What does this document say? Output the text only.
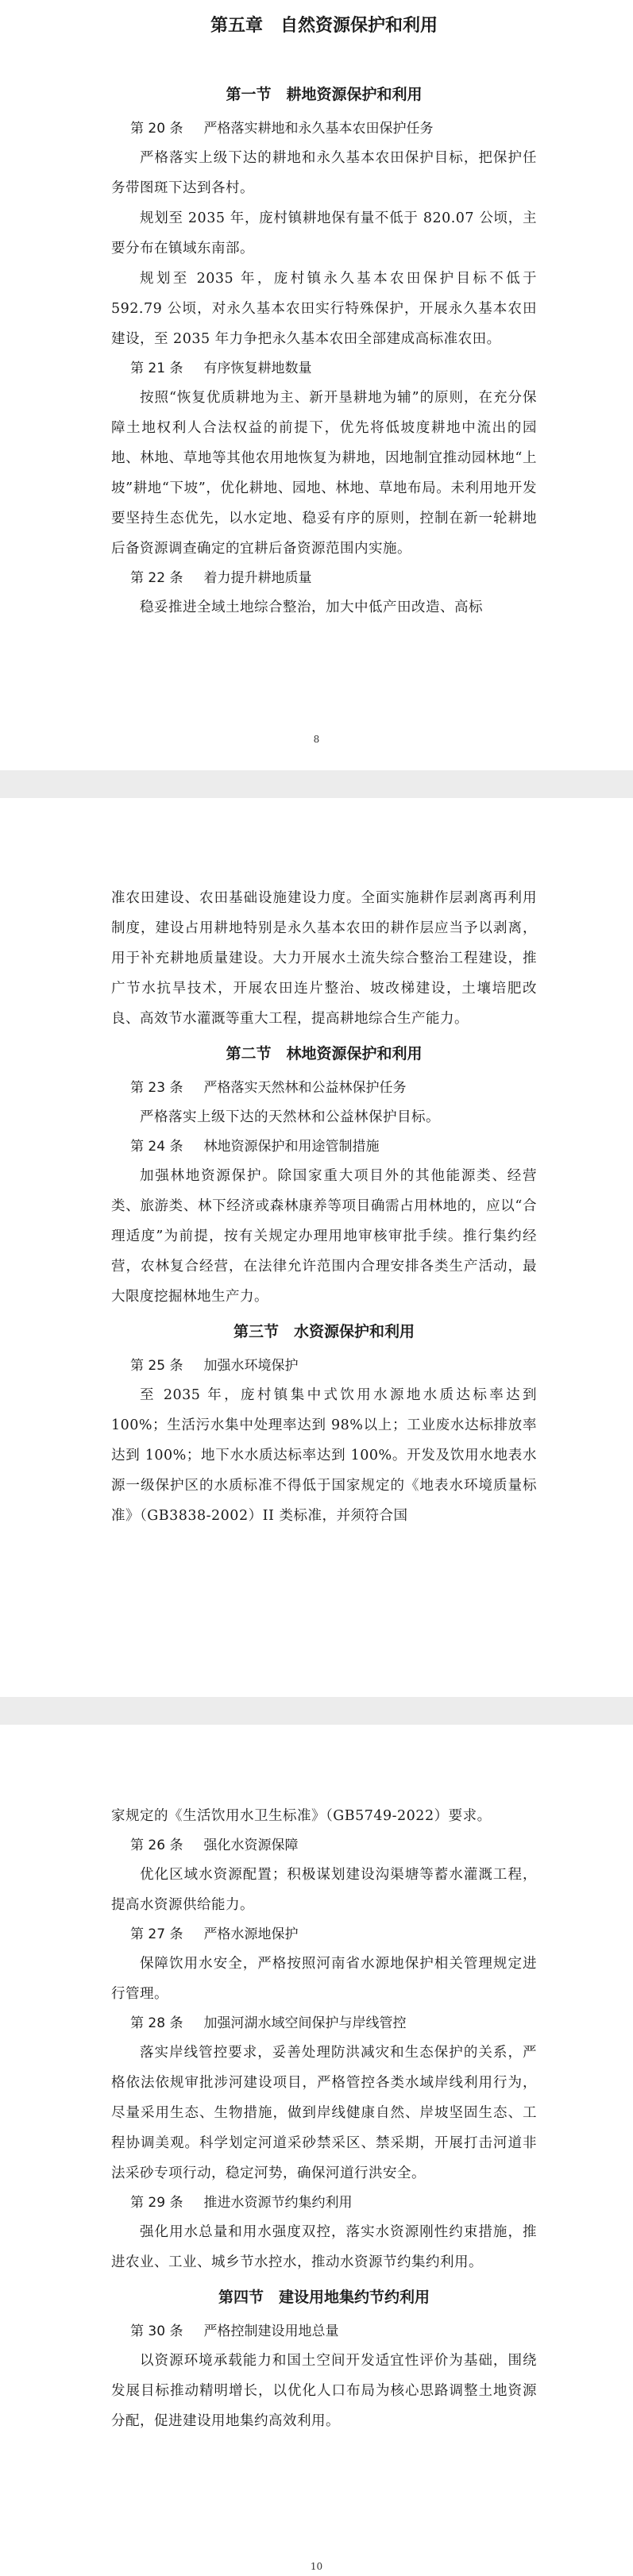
第五章　自然资源保护和利用
第一节　耕地资源保护和利用
第 20 条 严格落实耕地和永久基本农田保护任务

严格落实上级下达的耕地和永久基本农田保护目标，把保护任务带图斑下达到各村。

规划至 2035 年，庞村镇耕地保有量不低于 820.07 公顷，主要分布在镇域东南部。

规划至 2035 年，庞村镇永久基本农田保护目标不低于 592.79 公顷，对永久基本农田实行特殊保护，开展永久基本农田建设，至 2035 年力争把永久基本农田全部建成高标准农田。

第 21 条 有序恢复耕地数量

按照“恢复优质耕地为主、新开垦耕地为辅”的原则，在充分保障土地权利人合法权益的前提下，优先将低坡度耕地中流出的园地、林地、草地等其他农用地恢复为耕地，因地制宜推动园林地“上坡”耕地“下坡”，优化耕地、园地、林地、草地布局。未利用地开发要坚持生态优先，以水定地、稳妥有序的原则，控制在新一轮耕地后备资源调查确定的宜耕后备资源范围内实施。

第 22 条 着力提升耕地质量

稳妥推进全域土地综合整治，加大中低产田改造、高标

8

准农田建设、农田基础设施建设力度。全面实施耕作层剥离再利用制度，建设占用耕地特别是永久基本农田的耕作层应当予以剥离，用于补充耕地质量建设。大力开展水土流失综合整治工程建设，推广节水抗旱技术，开展农田连片整治、坡改梯建设，土壤培肥改良、高效节水灌溉等重大工程，提高耕地综合生产能力。

第二节　林地资源保护和利用
第 23 条 严格落实天然林和公益林保护任务

严格落实上级下达的天然林和公益林保护目标。

第 24 条 林地资源保护和用途管制措施

加强林地资源保护。除国家重大项目外的其他能源类、经营类、旅游类、林下经济或森林康养等项目确需占用林地的，应以“合理适度”为前提，按有关规定办理用地审核审批手续。推行集约经营，农林复合经营，在法律允许范围内合理安排各类生产活动，最大限度挖掘林地生产力。

第三节　水资源保护和利用
第 25 条 加强水环境保护

至 2035 年，庞村镇集中式饮用水源地水质达标率达到 100%；生活污水集中处理率达到 98%以上；工业废水达标排放率达到 100%；地下水水质达标率达到 100%。开发及饮用水地表水源一级保护区的水质标准不得低于国家规定的《地表水环境质量标准》（GB3838-2002）II 类标准，并须符合国

家规定的《生活饮用水卫生标准》（GB5749-2022）要求。

第 26 条 强化水资源保障

优化区域水资源配置；积极谋划建设沟渠塘等蓄水灌溉工程，提高水资源供给能力。

第 27 条 严格水源地保护

保障饮用水安全，严格按照河南省水源地保护相关管理规定进行管理。

第 28 条 加强河湖水域空间保护与岸线管控

落实岸线管控要求，妥善处理防洪减灾和生态保护的关系，严格依法依规审批涉河建设项目，严格管控各类水域岸线利用行为，尽量采用生态、生物措施，做到岸线健康自然、岸坡坚固生态、工程协调美观。科学划定河道采砂禁采区、禁采期，开展打击河道非法采砂专项行动，稳定河势，确保河道行洪安全。

第 29 条 推进水资源节约集约利用

强化用水总量和用水强度双控，落实水资源刚性约束措施，推进农业、工业、城乡节水控水，推动水资源节约集约利用。

第四节　建设用地集约节约利用
第 30 条 严格控制建设用地总量

以资源环境承载能力和国土空间开发适宜性评价为基础，围绕发展目标推动精明增长，以优化人口布局为核心思路调整土地资源分配，促进建设用地集约高效利用。

10
